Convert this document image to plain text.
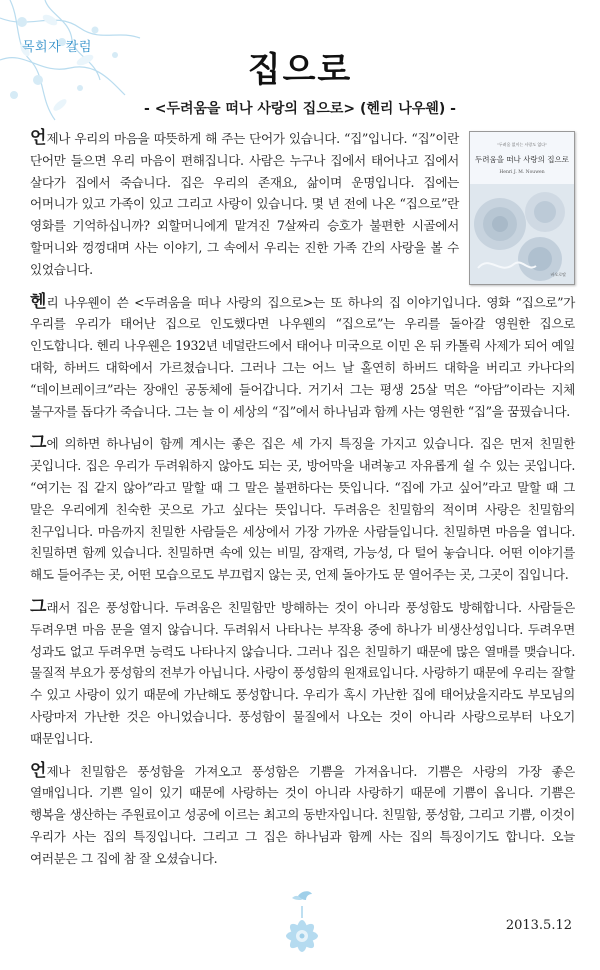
목회자 칼럼
집으로
- <두려움을 떠나 사랑의 집으로> (헨리 나우웬) -
"두려움 없이는 사랑도 없다"
두려움을 떠나 사랑의 집으로
Henri J. M. Nouwen
바오로딸

언제나 우리의 마음을 따뜻하게 해 주는 단어가 있습니다. “집”입니다. “집”이란 단어만 들으면 우리 마음이 편해집니다. 사람은 누구나 집에서 태어나고 집에서 살다가 집에서 죽습니다. 집은 우리의 존재요, 삶이며 운명입니다. 집에는 어머니가 있고 가족이 있고 그리고 사랑이 있습니다. 몇 년 전에 나온 “집으로”란 영화를 기억하십니까? 외할머니에게 맡겨진 7살짜리 승호가 불편한 시골에서 할머니와 껑껑대며 사는 이야기, 그 속에서 우리는 진한 가족 간의 사랑을 볼 수 있었습니다.

헨리 나우웬이 쓴 <두려움을 떠나 사랑의 집으로>는 또 하나의 집 이야기입니다. 영화 “집으로”가 우리를 우리가 태어난 집으로 인도했다면 나우웬의 “집으로”는 우리를 돌아갈 영원한 집으로 인도합니다. 헨리 나우웬은 1932년 네덜란드에서 태어나 미국으로 이민 온 뒤 카톨릭 사제가 되어 예일 대학, 하버드 대학에서 가르쳤습니다. 그러나 그는 어느 날 홀연히 하버드 대학을 버리고 카나다의 “데이브레이크”라는 장애인 공동체에 들어갑니다. 거기서 그는 평생 25살 먹은 “아담”이라는 지체 불구자를 돕다가 죽습니다. 그는 늘 이 세상의 “집”에서 하나님과 함께 사는 영원한 “집”을 꿈꿨습니다.

그에 의하면 하나님이 함께 계시는 좋은 집은 세 가지 특징을 가지고 있습니다. 집은 먼저 친밀한 곳입니다. 집은 우리가 두려워하지 않아도 되는 곳, 방어막을 내려놓고 자유롭게 쉴 수 있는 곳입니다. “여기는 집 같지 않아”라고 말할 때 그 말은 불편하다는 뜻입니다. “집에 가고 싶어”라고 말할 때 그 말은 우리에게 친숙한 곳으로 가고 싶다는 뜻입니다. 두려움은 친밀함의 적이며 사랑은 친밀함의 친구입니다. 마음까지 친밀한 사람들은 세상에서 가장 가까운 사람들입니다. 친밀하면 마음을 엽니다. 친밀하면 함께 있습니다. 친밀하면 속에 있는 비밀, 잠재력, 가능성, 다 털어 놓습니다. 어떤 이야기를 해도 들어주는 곳, 어떤 모습으로도 부끄럽지 않는 곳, 언제 돌아가도 문 열어주는 곳, 그곳이 집입니다.

그래서 집은 풍성합니다. 두려움은 친밀함만 방해하는 것이 아니라 풍성함도 방해합니다. 사람들은 두려우면 마음 문을 열지 않습니다. 두려워서 나타나는 부작용 중에 하나가 비생산성입니다. 두려우면 성과도 없고 두려우면 능력도 나타나지 않습니다. 그러나 집은 친밀하기 때문에 많은 열매를 맺습니다. 물질적 부요가 풍성함의 전부가 아닙니다. 사랑이 풍성함의 원재료입니다. 사랑하기 때문에 우리는 잘할 수 있고 사랑이 있기 때문에 가난해도 풍성합니다. 우리가 혹시 가난한 집에 태어났을지라도 부모님의 사랑마저 가난한 것은 아니었습니다. 풍성함이 물질에서 나오는 것이 아니라 사랑으로부터 나오기 때문입니다.

언제나 친밀함은 풍성함을 가져오고 풍성함은 기쁨을 가져옵니다. 기쁨은 사랑의 가장 좋은 열매입니다. 기쁜 일이 있기 때문에 사랑하는 것이 아니라 사랑하기 때문에 기쁨이 옵니다. 기쁨은 행복을 생산하는 주원료이고 성공에 이르는 최고의 동반자입니다. 친밀함, 풍성함, 그리고 기쁨, 이것이 우리가 사는 집의 특징입니다. 그리고 그 집은 하나님과 함께 사는 집의 특징이기도 합니다. 오늘 여러분은 그 집에 참 잘 오셨습니다.

2013.5.12
